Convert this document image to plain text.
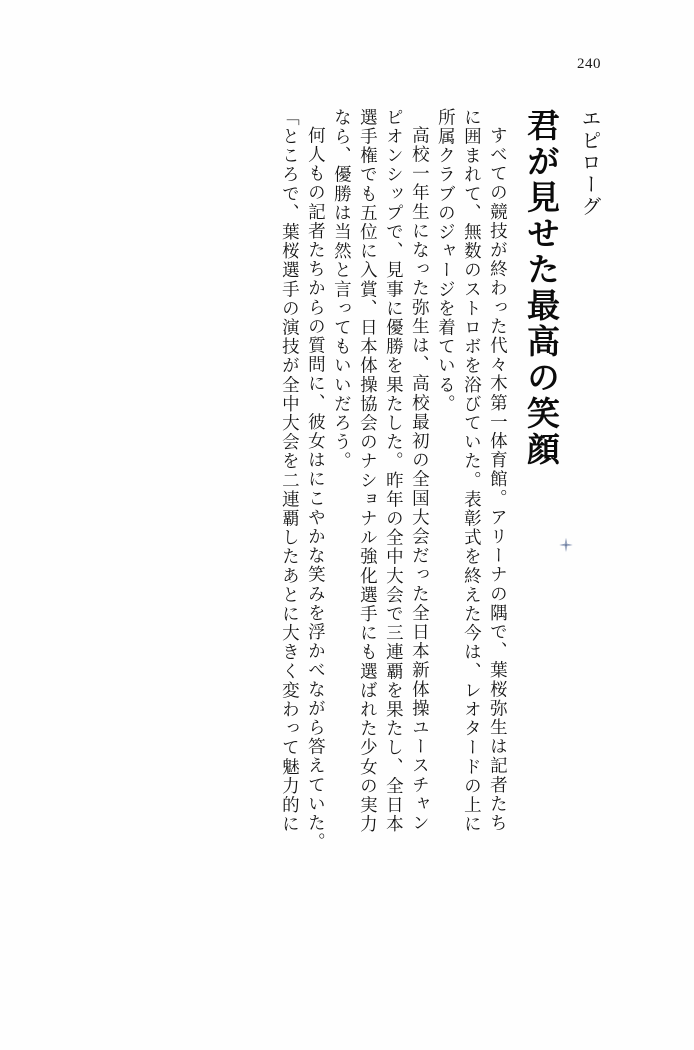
240
エピローグ
君が見せた最高の笑顔
すべての競技が終わった代々木第一体育館。アリーナの隅で、葉桜弥生は記者たち
に囲まれて、無数のストロボを浴びていた。表彰式を終えた今は、レオタードの上に
所属クラブのジャージを着ている。
高校一年生になった弥生は、高校最初の全国大会だった全日本新体操ユースチャン
ピオンシップで、見事に優勝を果たした。昨年の全中大会で三連覇を果たし、全日本
選手権でも五位に入賞、日本体操協会のナショナル強化選手にも選ばれた少女の実力
なら、優勝は当然と言ってもいいだろう。
何人もの記者たちからの質問に、彼女はにこやかな笑みを浮かべながら答えていた。
「ところで、葉桜選手の演技が全中大会を二連覇したあとに大きく変わって魅力的に
